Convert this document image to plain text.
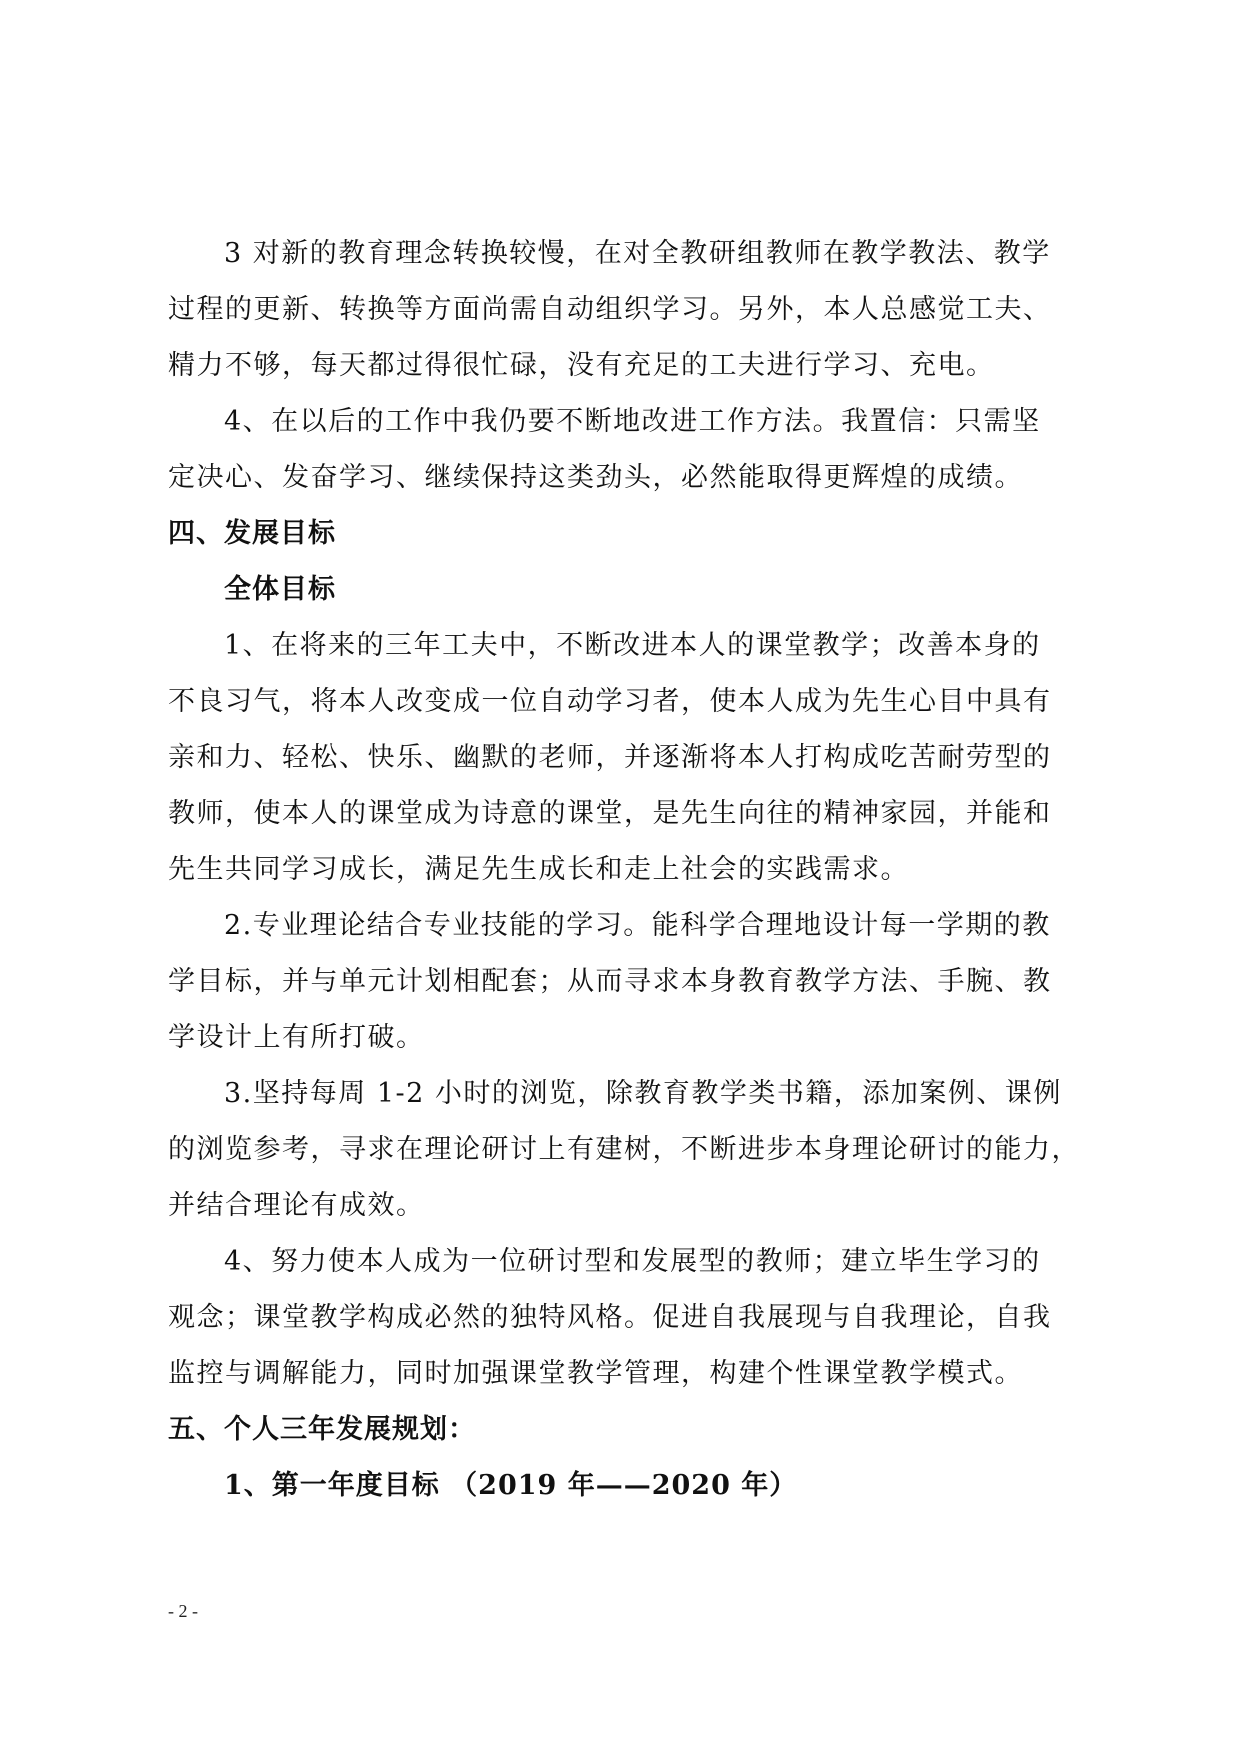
3 对新的教育理念转换较慢，在对全教研组教师在教学教法、教学
过程的更新、转换等方面尚需自动组织学习。另外，本人总感觉工夫、
精力不够，每天都过得很忙碌，没有充足的工夫进行学习、充电。
4、在以后的工作中我仍要不断地改进工作方法。我置信：只需坚
定决心、发奋学习、继续保持这类劲头，必然能取得更辉煌的成绩。
四、发展目标
全体目标
1、在将来的三年工夫中，不断改进本人的课堂教学；改善本身的
不良习气，将本人改变成一位自动学习者，使本人成为先生心目中具有
亲和力、轻松、快乐、幽默的老师，并逐渐将本人打构成吃苦耐劳型的
教师，使本人的课堂成为诗意的课堂，是先生向往的精神家园，并能和
先生共同学习成长，满足先生成长和走上社会的实践需求。
2.专业理论结合专业技能的学习。能科学合理地设计每一学期的教
学目标，并与单元计划相配套；从而寻求本身教育教学方法、手腕、教
学设计上有所打破。
3.坚持每周 1-2 小时的浏览，除教育教学类书籍，添加案例、课例
的浏览参考，寻求在理论研讨上有建树，不断进步本身理论研讨的能力，
并结合理论有成效。
4、努力使本人成为一位研讨型和发展型的教师；建立毕生学习的
观念；课堂教学构成必然的独特风格。促进自我展现与自我理论，自我
监控与调解能力，同时加强课堂教学管理，构建个性课堂教学模式。
五、个人三年发展规划：
1、第一年度目标 （2019 年——2020 年）
- 2 -
